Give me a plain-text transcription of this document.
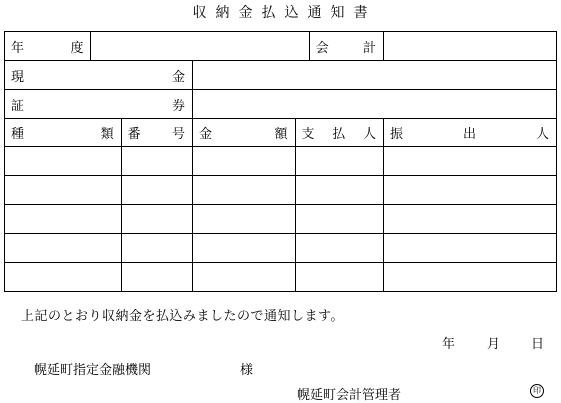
収納金払込通知書
年 度					会 計	

現 金						

証 券						

種 類		番 号	金 額	支 払 人		振 出 人

上記のとおり収納金を払込みましたので通知します。
年 月 日
幌延町指定金融機関	様
幌延町会計管理者	印
